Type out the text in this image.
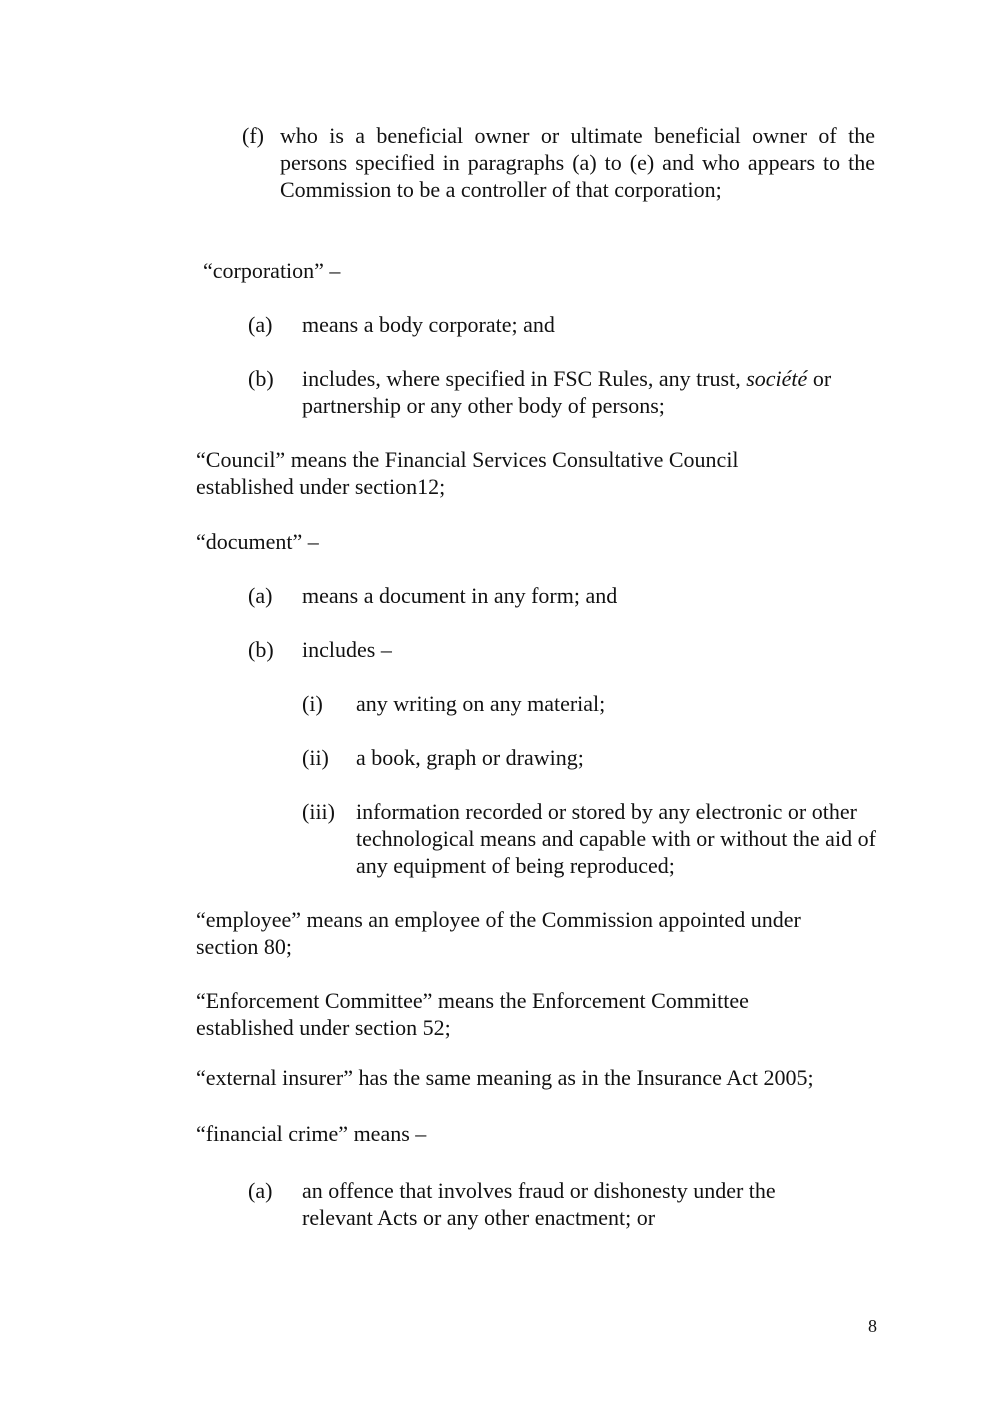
(f) who is a beneficial owner or ultimate beneficial owner of the persons specified in paragraphs (a) to (e) and who appears to the Commission to be a controller of that corporation;
“corporation” –
(a) means a body corporate; and
(b) includes, where specified in FSC Rules, any trust, société or partnership or any other body of persons;
“Council” means the Financial Services Consultative Council established under section12;
“document” –
(a) means a document in any form; and
(b) includes –
(i) any writing on any material;
(ii) a book, graph or drawing;
(iii) information recorded or stored by any electronic or other technological means and capable with or without the aid of any equipment of being reproduced;
“employee” means an employee of the Commission appointed under section 80;
“Enforcement Committee” means the Enforcement Committee established under section 52;
“external insurer” has the same meaning as in the Insurance Act 2005;
“financial crime” means –
(a) an offence that involves fraud or dishonesty under the relevant Acts or any other enactment; or
8
